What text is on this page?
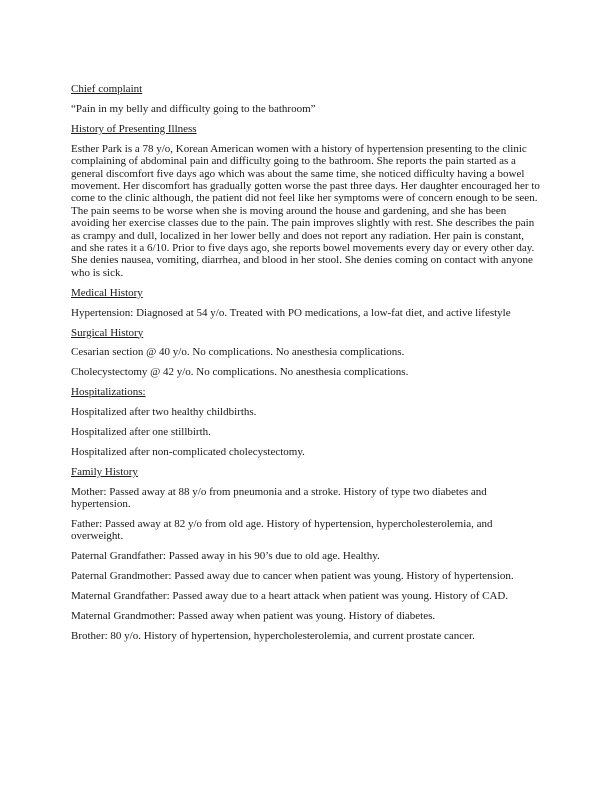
Chief complaint
“Pain in my belly and difficulty going to the bathroom”
History of Presenting Illness
Esther Park is a 78 y/o, Korean American women with a history of hypertension presenting to the clinic complaining of abdominal pain and difficulty going to the bathroom. She reports the pain started as a general discomfort five days ago which was about the same time, she noticed difficulty having a bowel movement. Her discomfort has gradually gotten worse the past three days. Her daughter encouraged her to come to the clinic although, the patient did not feel like her symptoms were of concern enough to be seen. The pain seems to be worse when she is moving around the house and gardening, and she has been avoiding her exercise classes due to the pain. The pain improves slightly with rest. She describes the pain as crampy and dull, localized in her lower belly and does not report any radiation. Her pain is constant, and she rates it a 6/10. Prior to five days ago, she reports bowel movements every day or every other day. She denies nausea, vomiting, diarrhea, and blood in her stool. She denies coming on contact with anyone who is sick.
Medical History
Hypertension: Diagnosed at 54 y/o. Treated with PO medications, a low-fat diet, and active lifestyle
Surgical History
Cesarian section @ 40 y/o. No complications. No anesthesia complications.
Cholecystectomy @ 42 y/o. No complications. No anesthesia complications.
Hospitalizations:
Hospitalized after two healthy childbirths.
Hospitalized after one stillbirth.
Hospitalized after non-complicated cholecystectomy.
Family History
Mother: Passed away at 88 y/o from pneumonia and a stroke. History of type two diabetes and hypertension.
Father: Passed away at 82 y/o from old age. History of hypertension, hypercholesterolemia, and overweight.
Paternal Grandfather: Passed away in his 90’s due to old age. Healthy.
Paternal Grandmother: Passed away due to cancer when patient was young. History of hypertension.
Maternal Grandfather: Passed away due to a heart attack when patient was young. History of CAD.
Maternal Grandmother: Passed away when patient was young. History of diabetes.
Brother: 80 y/o. History of hypertension, hypercholesterolemia, and current prostate cancer.
